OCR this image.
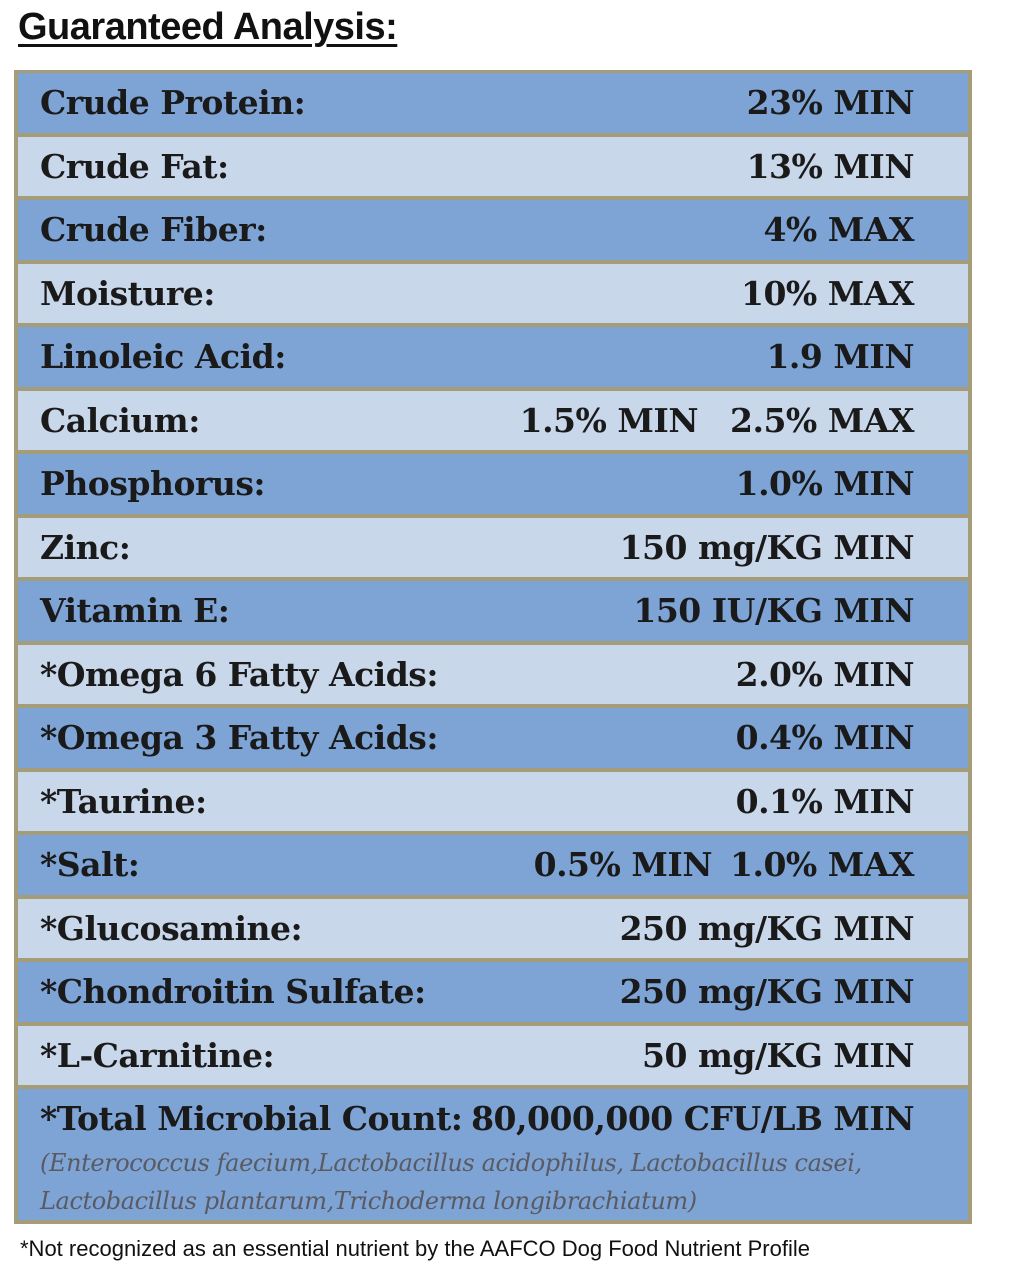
Guaranteed Analysis:
Crude Protein:	23% MIN
Crude Fat:	13% MIN
Crude Fiber:	4% MAX
Moisture:	10% MAX
Linoleic Acid:	1.9 MIN
Calcium:	1.5% MIN 2.5% MAX
Phosphorus:	1.0% MIN
Zinc:	150 mg/KG MIN
Vitamin E:	150 IU/KG MIN
*Omega 6 Fatty Acids:	2.0% MIN
*Omega 3 Fatty Acids:	0.4% MIN
*Taurine:	0.1% MIN
*Salt:	0.5% MIN 1.0% MAX
*Glucosamine:	250 mg/KG MIN
*Chondroitin Sulfate:	250 mg/KG MIN
*L-Carnitine:	50 mg/KG MIN
*Total Microbial Count: 80,000,000 CFU/LB MIN
(Enterococcus faecium,Lactobacillus acidophilus, Lactobacillus casei,
Lactobacillus plantarum,Trichoderma longibrachiatum)
*Not recognized as an essential nutrient by the AAFCO Dog Food Nutrient Profile
